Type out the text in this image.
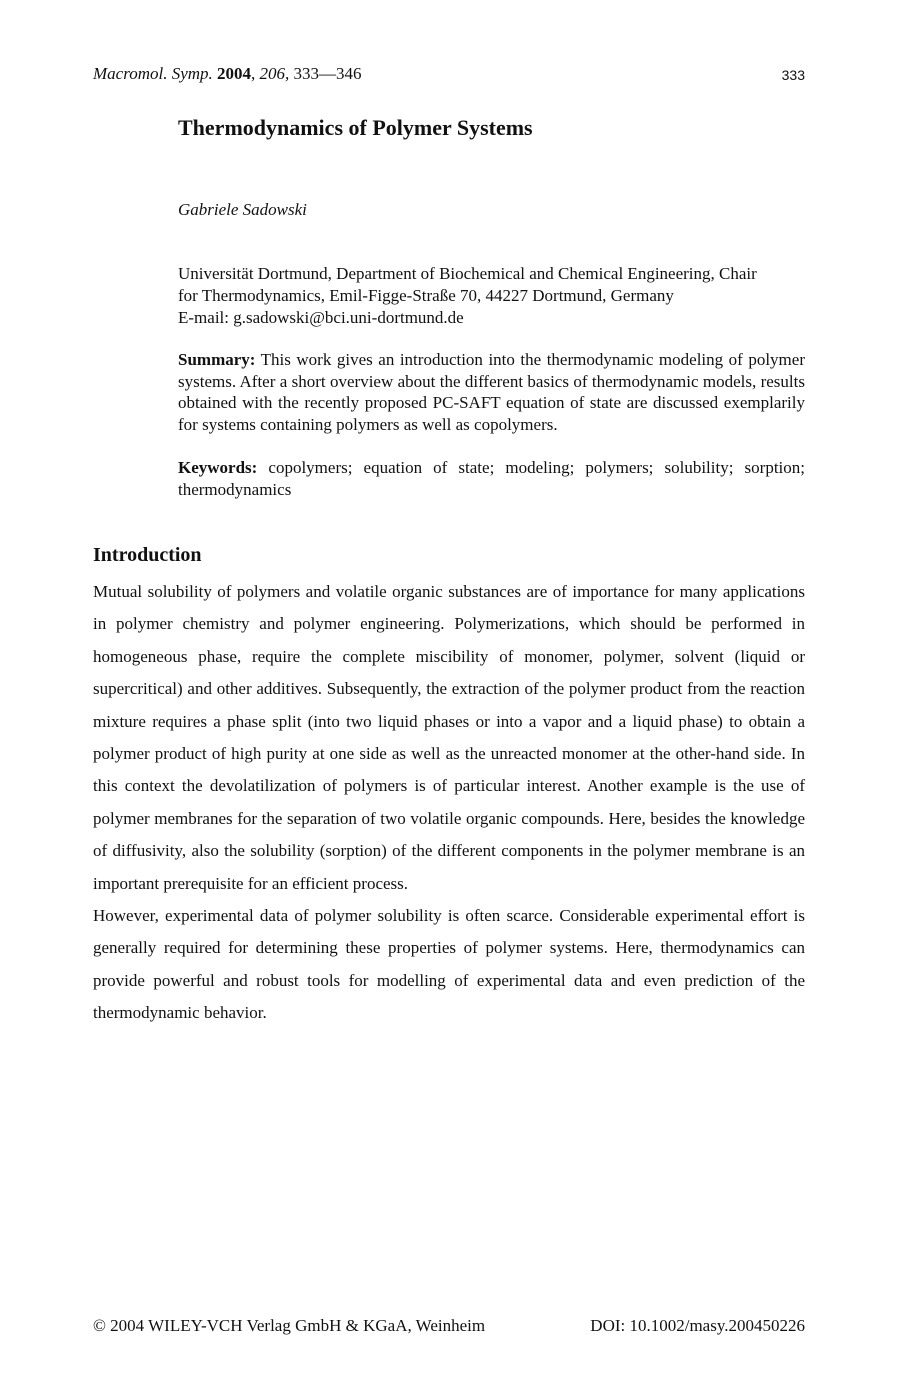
Macromol. Symp. 2004, 206, 333—346	333
Thermodynamics of Polymer Systems
Gabriele Sadowski
Universität Dortmund, Department of Biochemical and Chemical Engineering, Chair
for Thermodynamics, Emil-Figge-Straße 70, 44227 Dortmund, Germany
E-mail: g.sadowski@bci.uni-dortmund.de
Summary: This work gives an introduction into the thermodynamic modeling of polymer systems. After a short overview about the different basics of thermodynamic models, results obtained with the recently proposed PC-SAFT equation of state are discussed exemplarily for systems containing polymers as well as copolymers.
Keywords: copolymers; equation of state; modeling; polymers; solubility; sorption; thermodynamics
Introduction

Mutual solubility of polymers and volatile organic substances are of importance for many applications in polymer chemistry and polymer engineering. Polymerizations, which should be performed in homogeneous phase, require the complete miscibility of monomer, polymer, solvent (liquid or supercritical) and other additives. Subsequently, the extraction of the polymer product from the reaction mixture requires a phase split (into two liquid phases or into a vapor and a liquid phase) to obtain a polymer product of high purity at one side as well as the unreacted monomer at the other-hand side. In this context the devolatilization of polymers is of particular interest. Another example is the use of polymer membranes for the separation of two volatile organic compounds. Here, besides the knowledge of diffusivity, also the solubility (sorption) of the different components in the polymer membrane is an important prerequisite for an efficient process.

However, experimental data of polymer solubility is often scarce. Considerable experimental effort is generally required for determining these properties of polymer systems. Here, thermodynamics can provide powerful and robust tools for modelling of experimental data and even prediction of the thermodynamic behavior.

© 2004 WILEY-VCH Verlag GmbH & KGaA, Weinheim	DOI: 10.1002/masy.200450226
